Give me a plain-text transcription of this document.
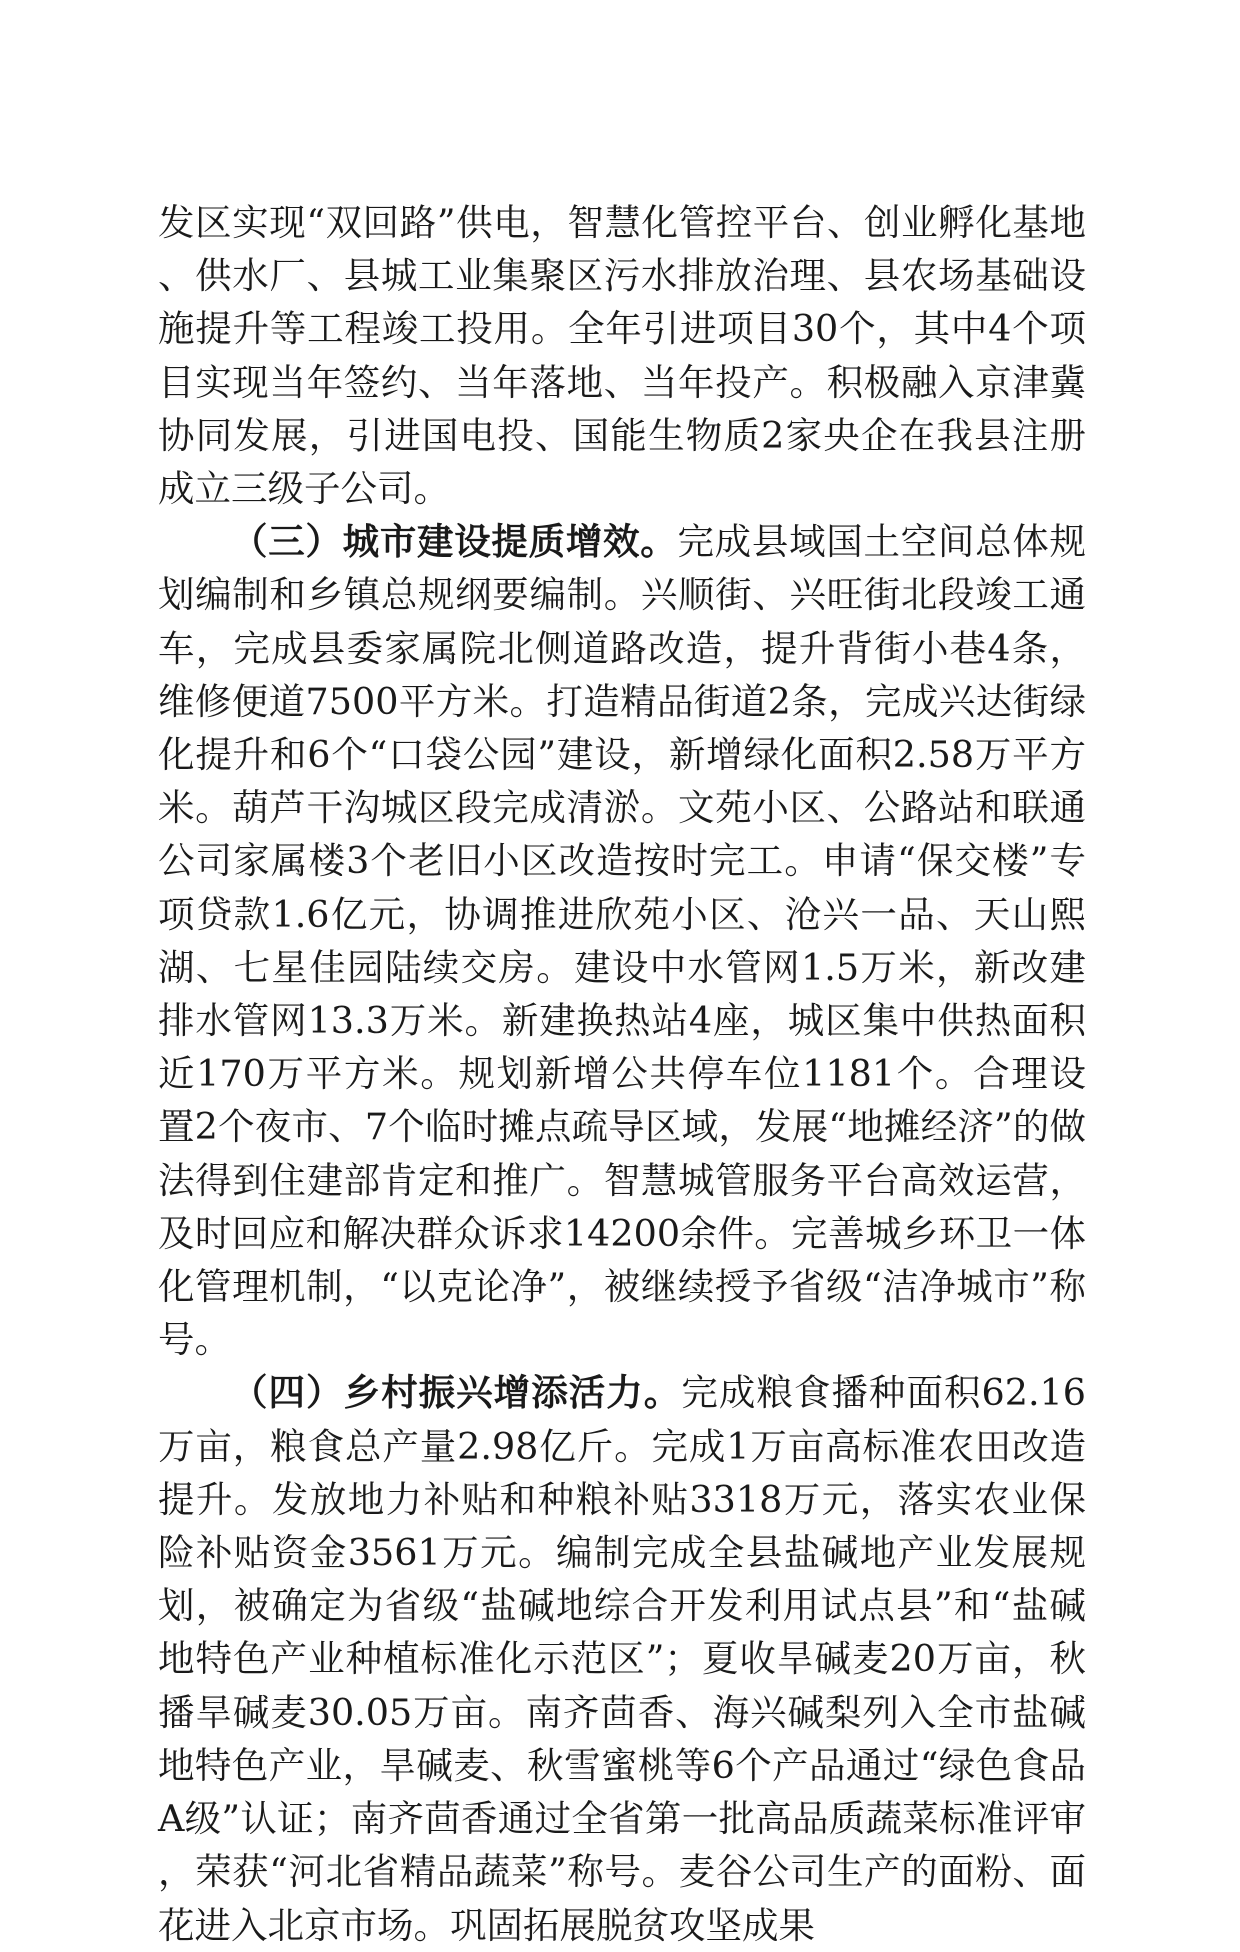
发区实现“双回路”供电，智慧化管控平台、创业孵化基地、供水厂、县城工业集聚区污水排放治理、县农场基础设施提升等工程竣工投用。全年引进项目30个，其中4个项目实现当年签约、当年落地、当年投产。积极融入京津冀协同发展，引进国电投、国能生物质2家央企在我县注册成立三级子公司。

（三）城市建设提质增效。完成县域国土空间总体规划编制和乡镇总规纲要编制。兴顺街、兴旺街北段竣工通车，完成县委家属院北侧道路改造，提升背街小巷4条，维修便道7500平方米。打造精品街道2条，完成兴达街绿化提升和6个“口袋公园”建设，新增绿化面积2.58万平方米。葫芦干沟城区段完成清淤。文苑小区、公路站和联通公司家属楼3个老旧小区改造按时完工。申请“保交楼”专项贷款1.6亿元，协调推进欣苑小区、沧兴一品、天山熙湖、七星佳园陆续交房。建设中水管网1.5万米，新改建排水管网13.3万米。新建换热站4座，城区集中供热面积近170万平方米。规划新增公共停车位1181个。合理设置2个夜市、7个临时摊点疏导区域，发展“地摊经济”的做法得到住建部肯定和推广。智慧城管服务平台高效运营，及时回应和解决群众诉求14200余件。完善城乡环卫一体化管理机制，“以克论净”，被继续授予省级“洁净城市”称号。

（四）乡村振兴增添活力。完成粮食播种面积62.16万亩，粮食总产量2.98亿斤。完成1万亩高标准农田改造提升。发放地力补贴和种粮补贴3318万元，落实农业保险补贴资金3561万元。编制完成全县盐碱地产业发展规划，被确定为省级“盐碱地综合开发利用试点县”和“盐碱地特色产业种植标准化示范区”；夏收旱碱麦20万亩，秋播旱碱麦30.05万亩。南齐茴香、海兴碱梨列入全市盐碱地特色产业，旱碱麦、秋雪蜜桃等6个产品通过“绿色食品A级”认证；南齐茴香通过全省第一批高品质蔬菜标准评审，荣获“河北省精品蔬菜”称号。麦谷公司生产的面粉、面花进入北京市场。巩固拓展脱贫攻坚成果
